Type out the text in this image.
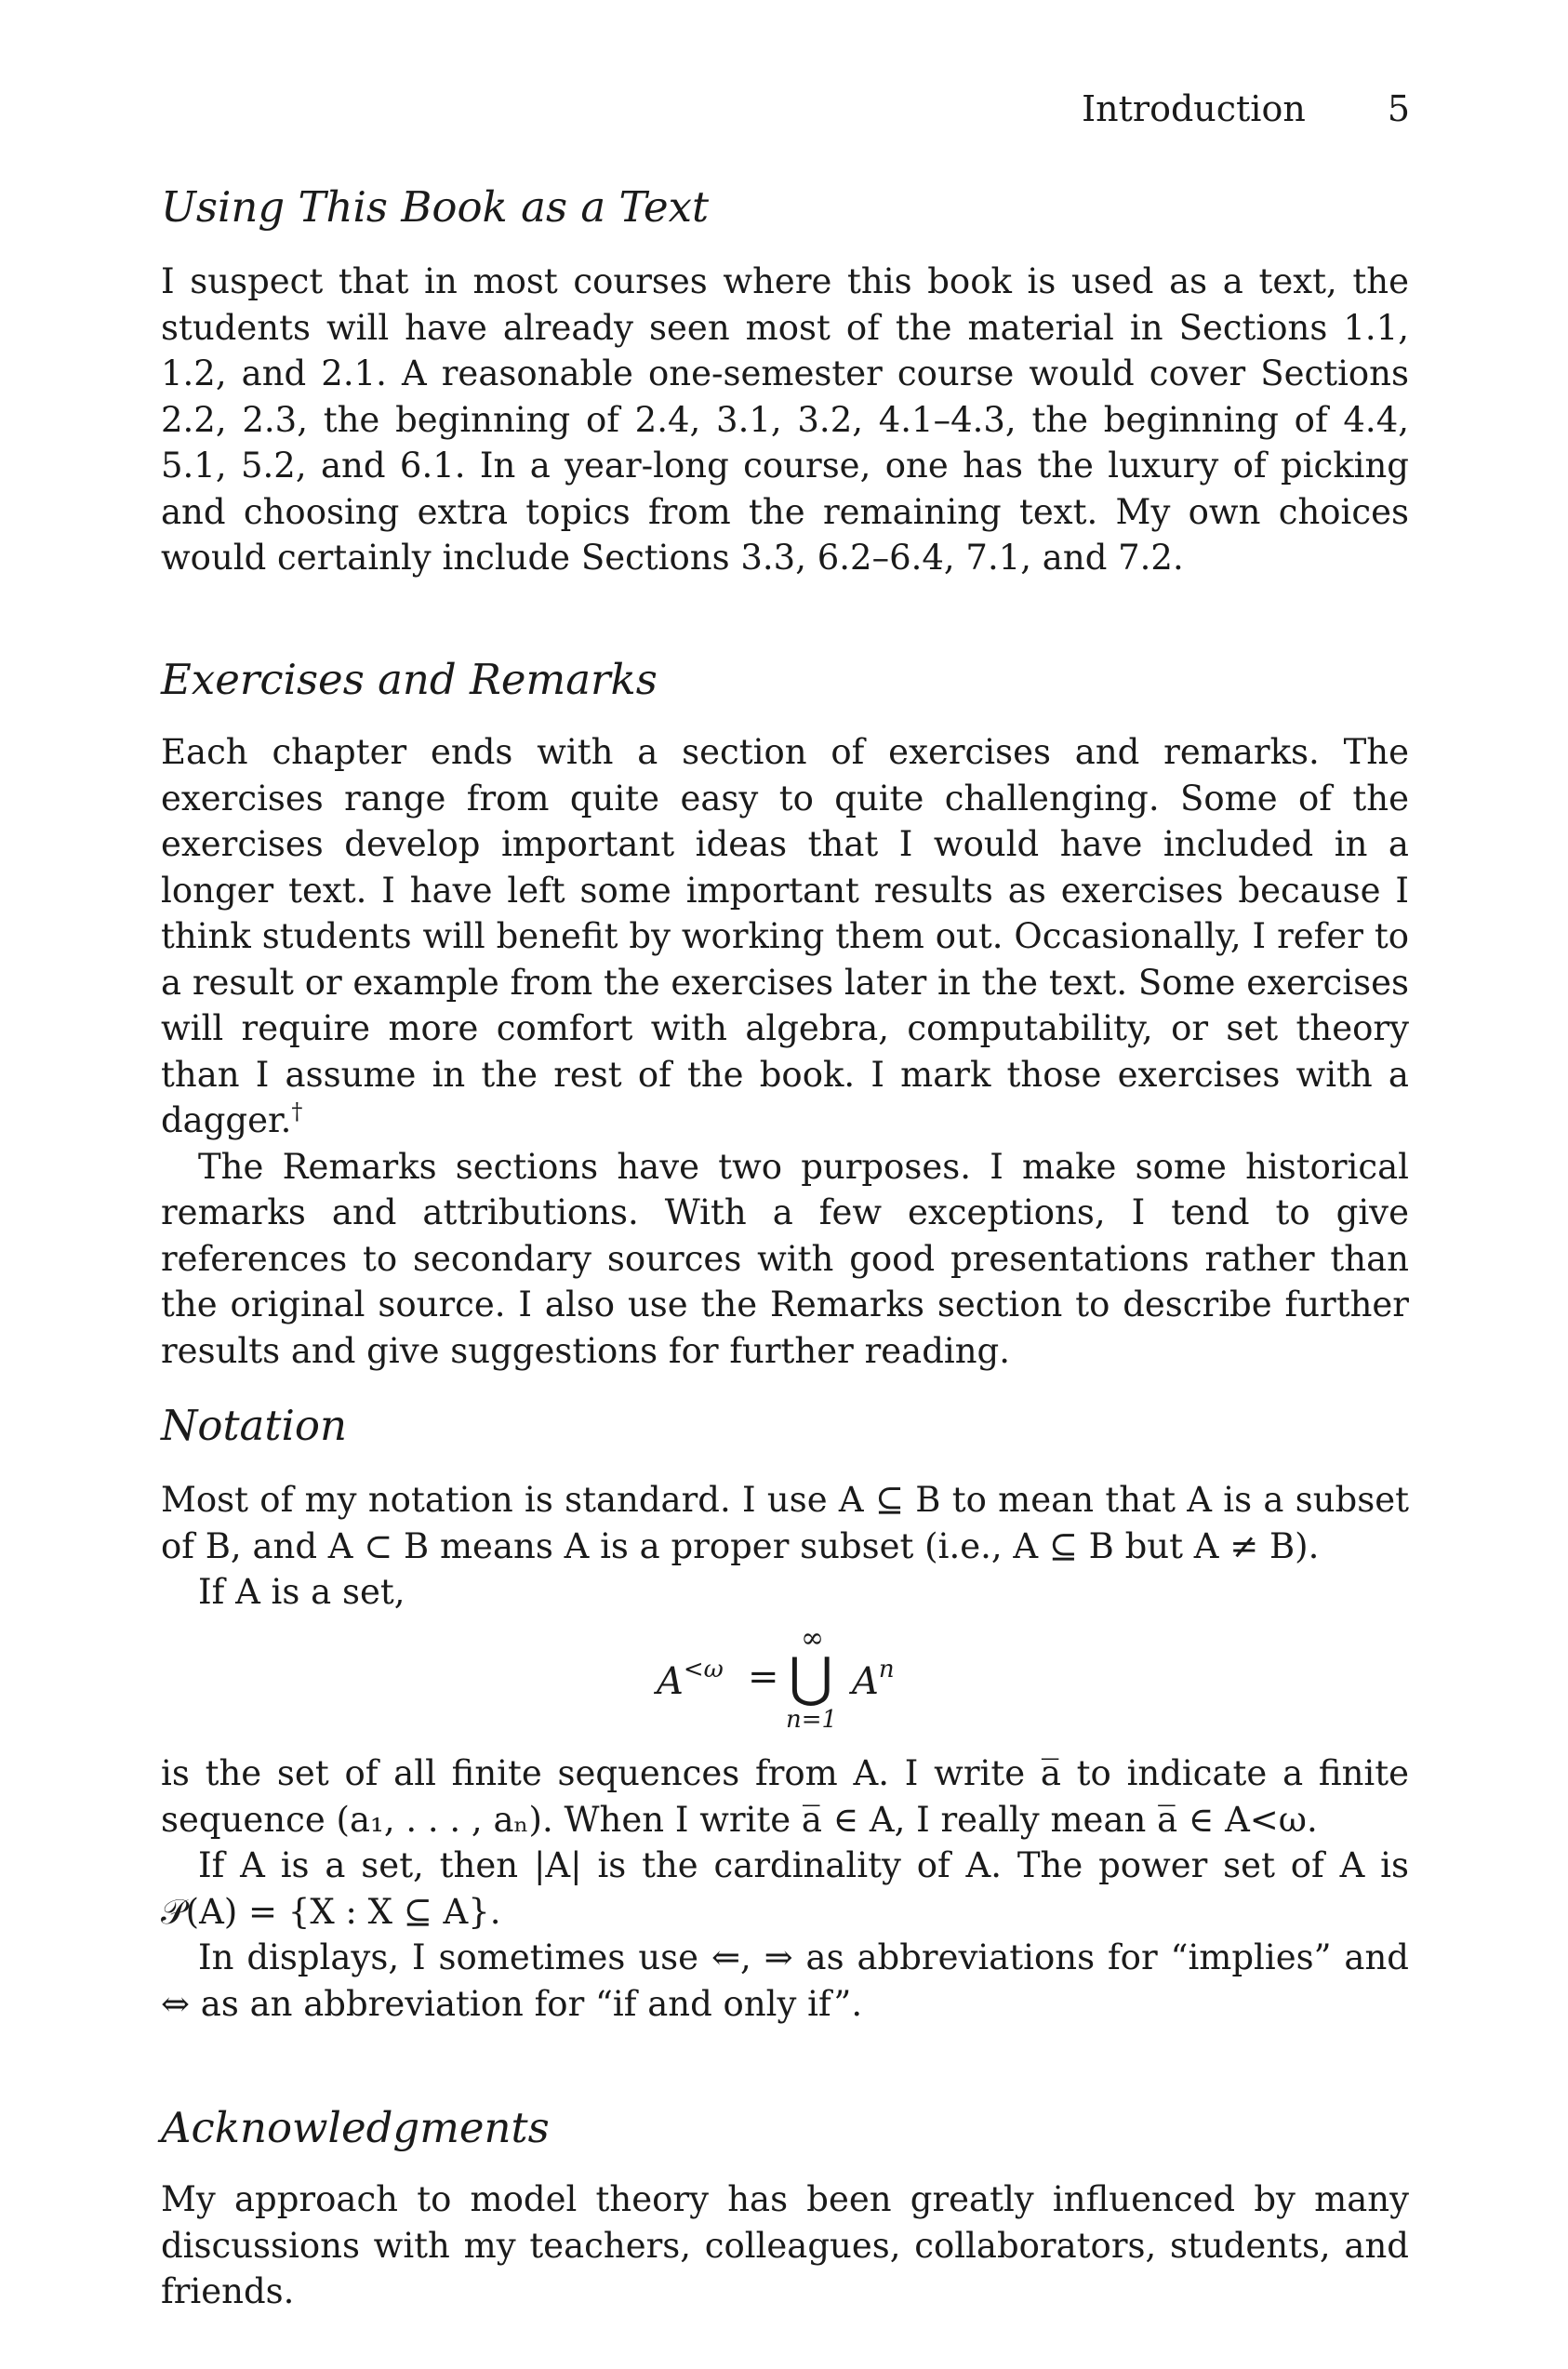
Introduction 5
Using This Book as a Text

I suspect that in most courses where this book is used as a text, the students will have already seen most of the material in Sections 1.1, 1.2, and 2.1. A reasonable one-semester course would cover Sections 2.2, 2.3, the beginning of 2.4, 3.1, 3.2, 4.1–4.3, the beginning of 4.4, 5.1, 5.2, and 6.1. In a year-long course, one has the luxury of picking and choosing extra topics from the remaining text. My own choices would certainly include Sections 3.3, 6.2–6.4, 7.1, and 7.2.

Exercises and Remarks

Each chapter ends with a section of exercises and remarks. The exercises range from quite easy to quite challenging. Some of the exercises develop important ideas that I would have included in a longer text. I have left some important results as exercises because I think students will benefit by working them out. Occasionally, I refer to a result or example from the exercises later in the text. Some exercises will require more comfort with algebra, computability, or set theory than I assume in the rest of the book. I mark those exercises with a dagger.†

The Remarks sections have two purposes. I make some historical remarks and attributions. With a few exceptions, I tend to give references to secondary sources with good presentations rather than the original source. I also use the Remarks section to describe further results and give suggestions for further reading.

Notation

Most of my notation is standard. I use A ⊆ B to mean that A is a subset of B, and A ⊂ B means A is a proper subset (i.e., A ⊆ B but A ≠ B).

If A is a set,

$A^{<\omega}$ =
∞
⋃
n=1
$A^n$

is the set of all finite sequences from A. I write a̅ to indicate a finite sequence (a₁, . . . , aₙ). When I write a̅ ∈ A, I really mean a̅ ∈ A<ω.

If A is a set, then |A| is the cardinality of A. The power set of A is 𝒫(A) = {X : X ⊆ A}.

In displays, I sometimes use ⇐, ⇒ as abbreviations for “implies” and ⇔ as an abbreviation for “if and only if”.

Acknowledgments

My approach to model theory has been greatly influenced by many discussions with my teachers, colleagues, collaborators, students, and friends.
